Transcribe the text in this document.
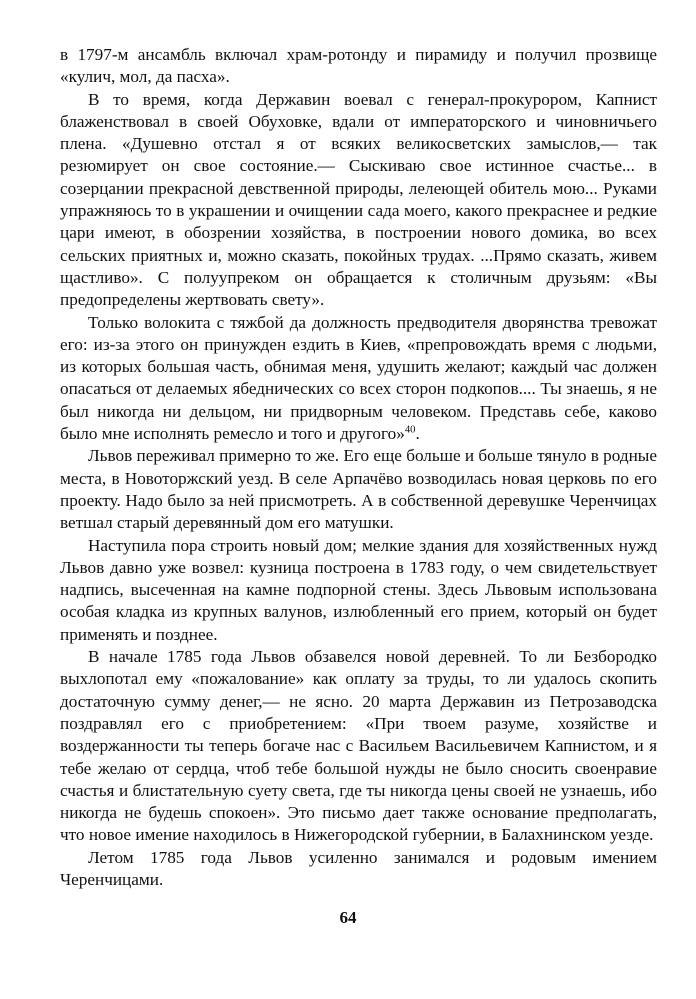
в 1797-м ансамбль включал храм-ротонду и пирамиду и получил прозвище «кулич, мол, да пасха».

В то время, когда Державин воевал с генерал-прокурором, Капнист блаженствовал в своей Обуховке, вдали от императорского и чиновничьего плена. «Душевно отстал я от всяких великосветских замыслов,— так резюмирует он свое состояние.— Сыскиваю свое истинное счастье... в созерцании прекрасной девственной природы, лелеющей обитель мою... Руками упражняюсь то в украшении и очищении сада моего, какого прекраснее и редкие цари имеют, в обозрении хозяйства, в построении нового домика, во всех сельских приятных и, можно сказать, покойных трудах. ...Прямо сказать, живем щастливо». С полуупреком он обращается к столичным друзьям: «Вы предопределены жертвовать свету».

Только волокита с тяжбой да должность предводителя дворянства тревожат его: из-за этого он принужден ездить в Киев, «препровождать время с людьми, из которых большая часть, обнимая меня, удушить желают; каждый час должен опасаться от делаемых ябеднических со всех сторон подкопов.... Ты знаешь, я не был никогда ни дельцом, ни придворным человеком. Представь себе, каково было мне исполнять ремесло и того и другого»$^{40}$.

Львов переживал примерно то же. Его еще больше и больше тянуло в родные места, в Новоторжский уезд. В селе Арпачёво возводилась новая церковь по его проекту. Надо было за ней присмотреть. А в собственной деревушке Черенчицах ветшал старый деревянный дом его матушки.

Наступила пора строить новый дом; мелкие здания для хозяйственных нужд Львов давно уже возвел: кузница построена в 1783 году, о чем свидетельствует надпись, высеченная на камне подпорной стены. Здесь Львовым использована особая кладка из крупных валунов, излюбленный его прием, который он будет применять и позднее.

В начале 1785 года Львов обзавелся новой деревней. То ли Безбородко выхлопотал ему «пожалование» как оплату за труды, то ли удалось скопить достаточную сумму денег,— не ясно. 20 марта Державин из Петрозаводска поздравлял его с приобретением: «При твоем разуме, хозяйстве и воздержанности ты теперь богаче нас с Васильем Васильевичем Капнистом, и я тебе желаю от сердца, чтоб тебе большой нужды не было сносить своенравие счастья и блистательную суету света, где ты никогда цены своей не узнаешь, ибо никогда не будешь спокоен». Это письмо дает также основание предполагать, что новое имение находилось в Нижегородской губернии, в Балахнинском уезде.

Летом 1785 года Львов усиленно занимался и родовым имением Черенчицами.

64
